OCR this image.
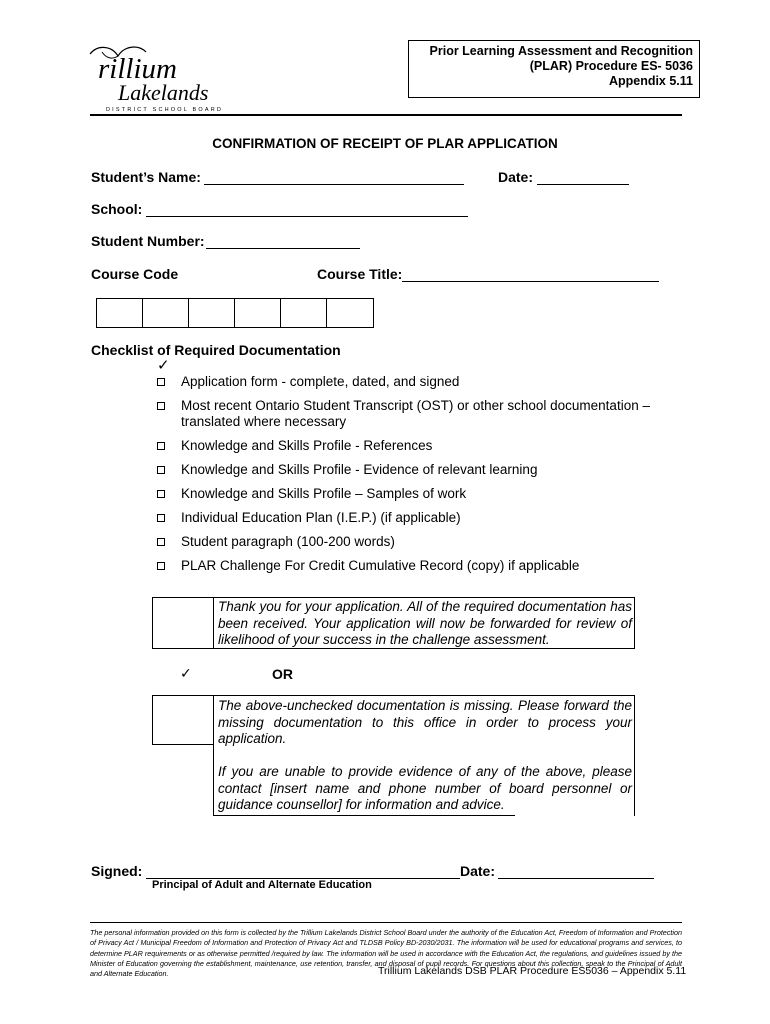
rillium
Lakelands
DISTRICT SCHOOL BOARD
Prior Learning Assessment and Recognition
(PLAR) Procedure ES- 5036
Appendix 5.11
CONFIRMATION OF RECEIPT OF PLAR APPLICATION
Student’s Name:	Date:
School:
Student Number:
Course Code	Course Title:
Checklist of Required Documentation
✓
Application form - complete, dated, and signed
Most recent Ontario Student Transcript (OST) or other school documentation – translated where necessary
Knowledge and Skills Profile - References
Knowledge and Skills Profile - Evidence of relevant learning
Knowledge and Skills Profile – Samples of work
Individual Education Plan (I.E.P.) (if applicable)
Student paragraph (100-200 words)
PLAR Challenge For Credit Cumulative Record (copy) if applicable
Thank you for your application. All of the required documentation has been received. Your application will now be forwarded for review of likelihood of your success in the challenge assessment.
✓	OR
The above-unchecked documentation is missing. Please forward the missing documentation to this office in order to process your application.
If you are unable to provide evidence of any of the above, please contact [insert name and phone number of board personnel or guidance counsellor] for information and advice.
Signed:	Date:
Principal of Adult and Alternate Education
The personal information provided on this form is collected by the Trillium Lakelands District School Board under the authority of the Education Act, Freedom of Information and Protection of Privacy Act / Municipal Freedom of Information and Protection of Privacy Act and TLDSB Policy BD-2030/2031. The information will be used for educational programs and services, to determine PLAR requirements or as otherwise permitted /required by law. The information will be used in accordance with the Education Act, the regulations, and guidelines issued by the Minister of Education governing the establishment, maintenance, use retention, transfer, and disposal of pupil records. For questions about this collection, speak to the Principal of Adult and Alternate Education.	Trillium Lakelands DSB PLAR Procedure ES5036 – Appendix 5.11
